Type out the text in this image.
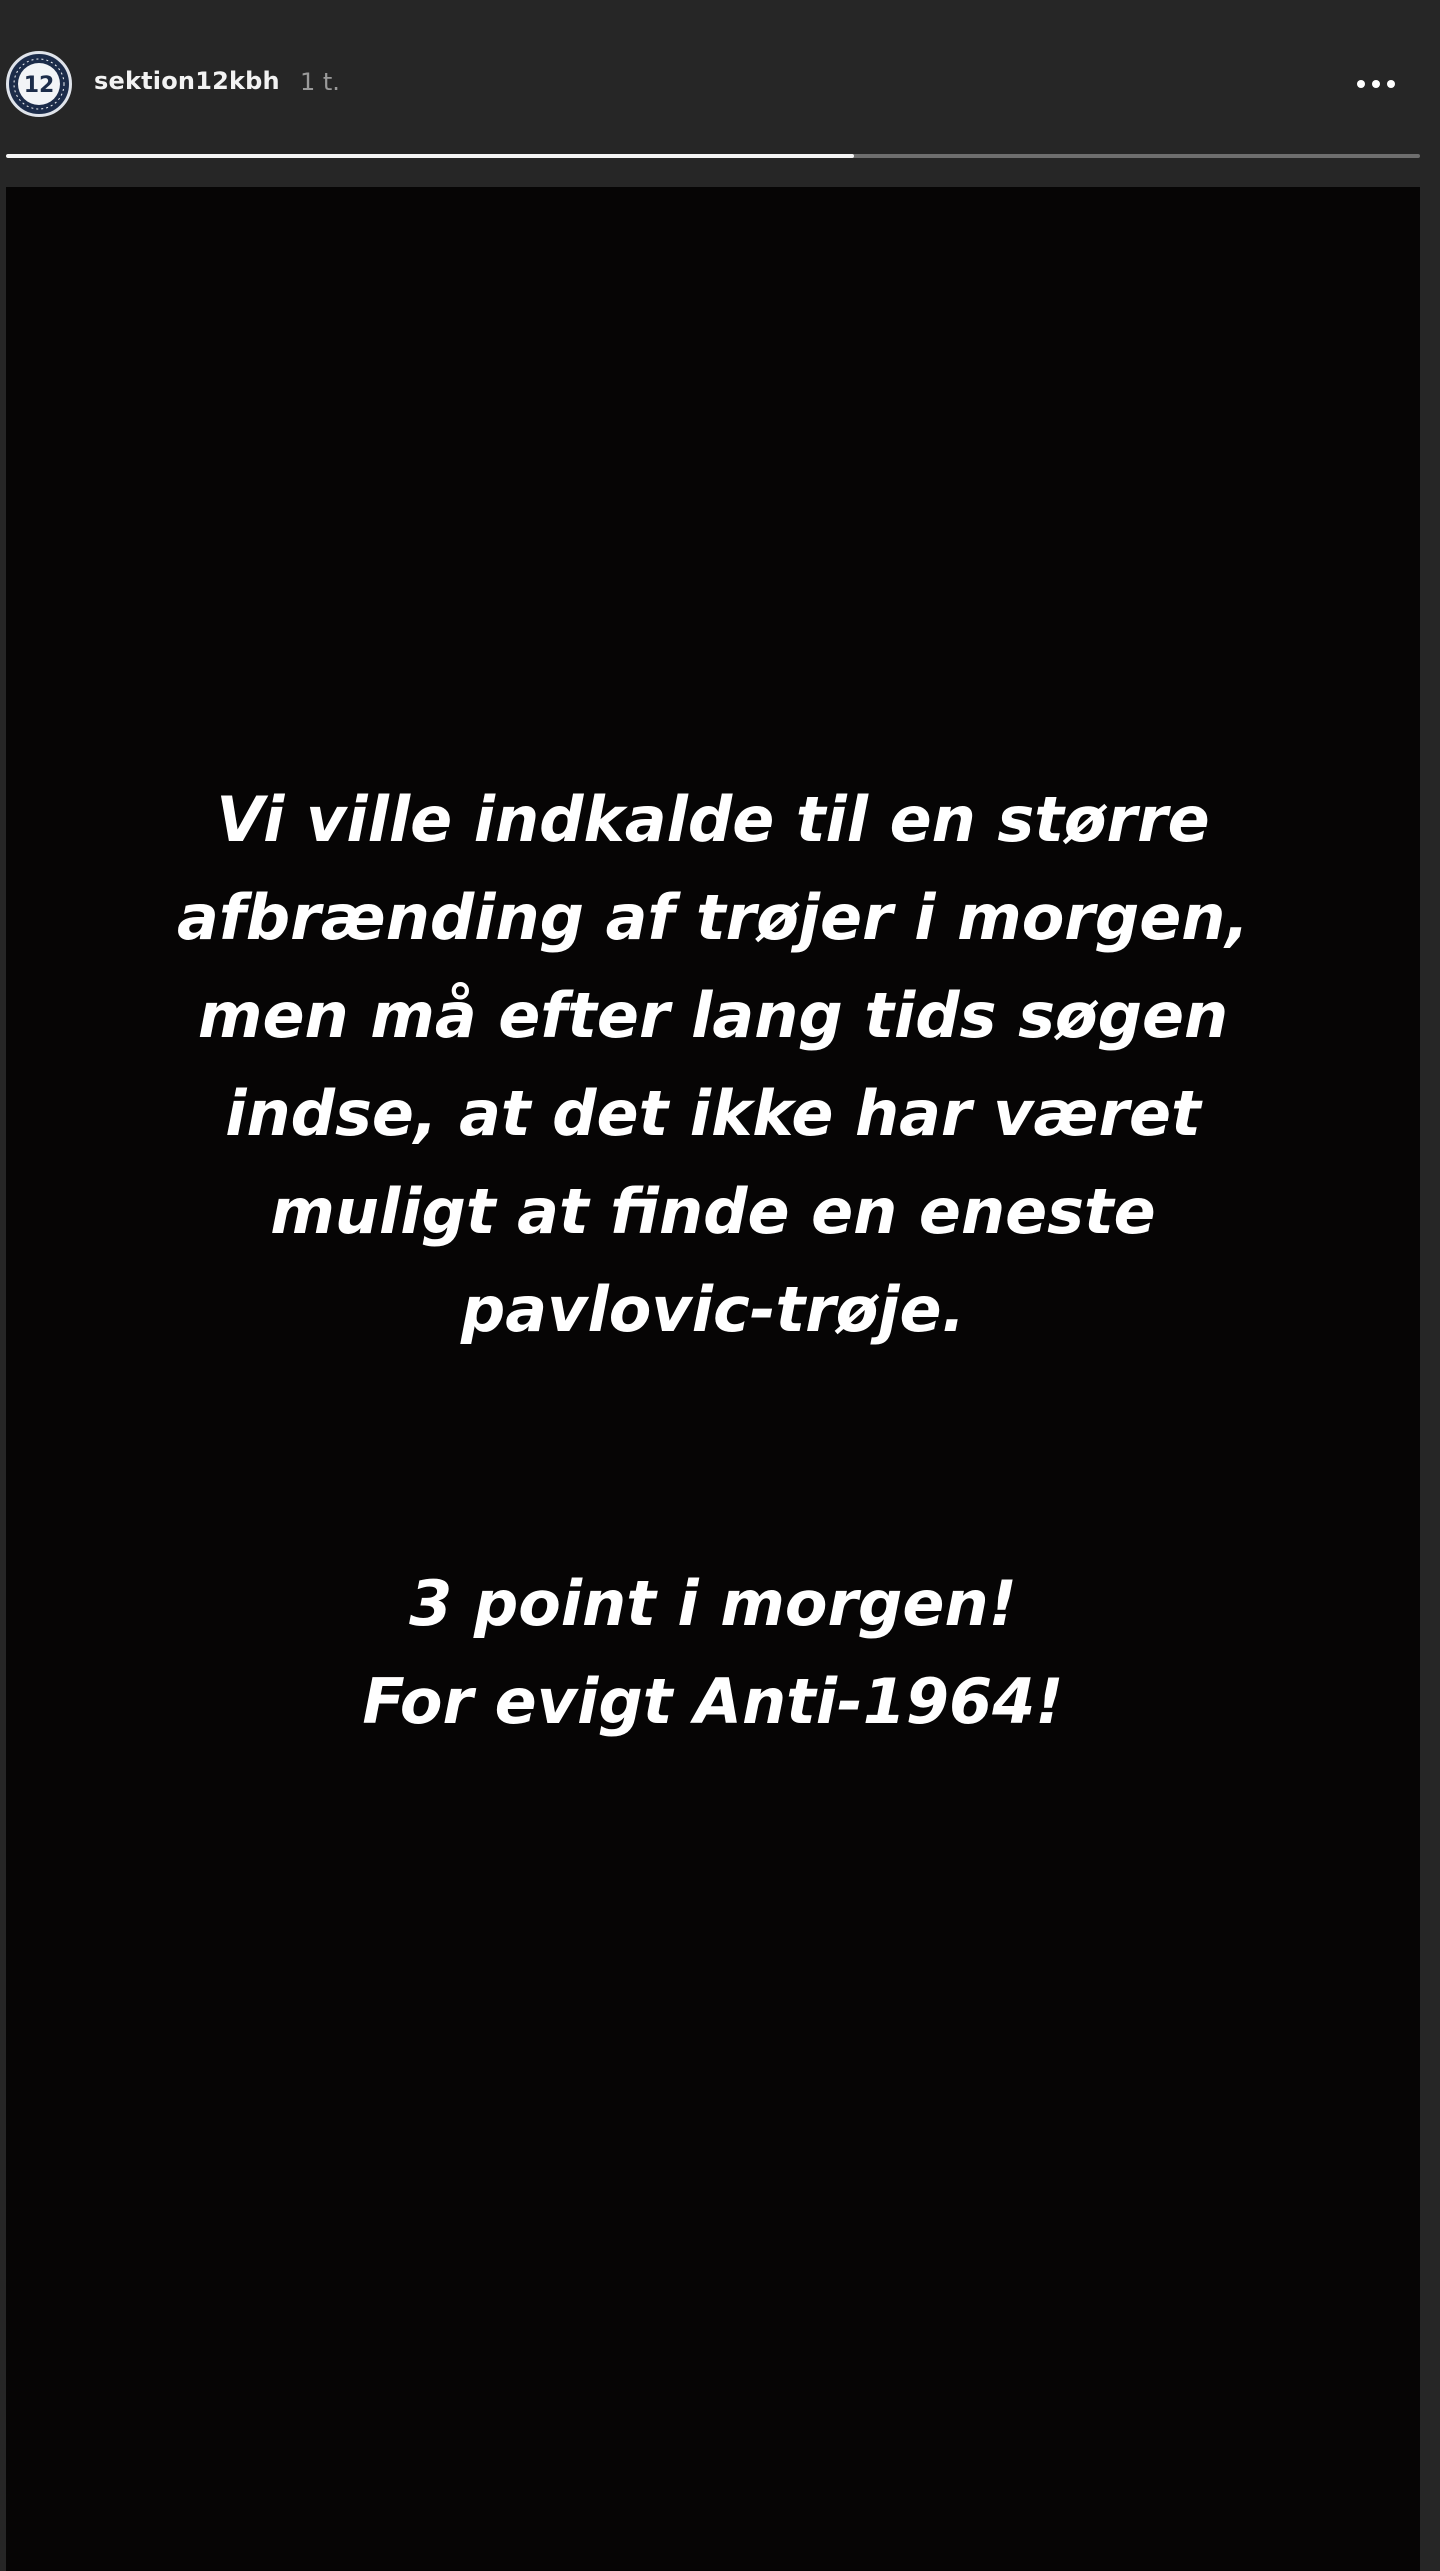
12 sektion12kbh 1 t.
Vi ville indkalde til en større
afbrænding af trøjer i morgen,
men må efter lang tids søgen
indse, at det ikke har været
muligt at finde en eneste
pavlovic-trøje.
3 point i morgen!
For evigt Anti-1964!
